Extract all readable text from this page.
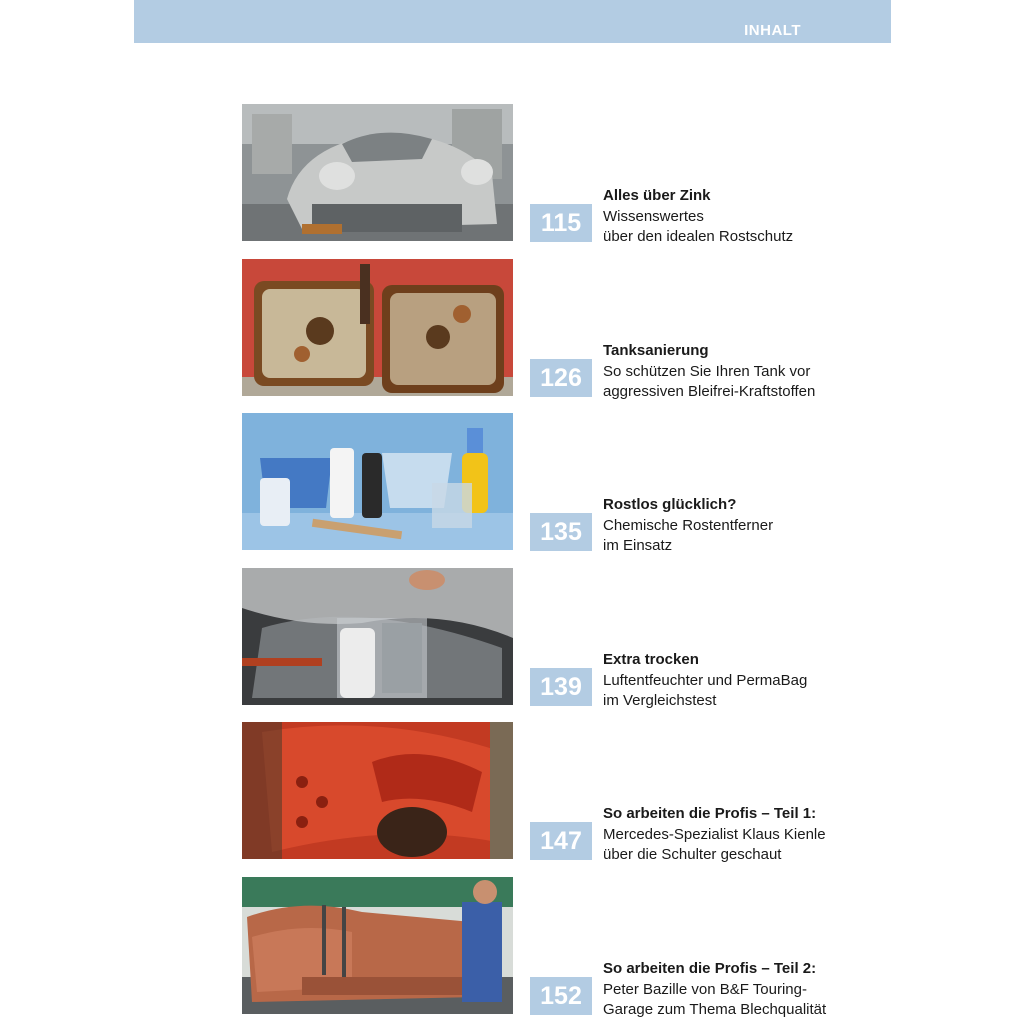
INHALT
115
Alles über Zink
Wissenswertes
über den idealen Rostschutz
126
Tanksanierung
So schützen Sie Ihren Tank vor
aggressiven Bleifrei-Kraftstoffen
135
Rostlos glücklich?
Chemische Rostentferner
im Einsatz
139
Extra trocken
Luftentfeuchter und PermaBag
im Vergleichstest
147
So arbeiten die Profis – Teil 1:
Mercedes-Spezialist Klaus Kienle
über die Schulter geschaut
152
So arbeiten die Profis – Teil 2:
Peter Bazille von B&F Touring-
Garage zum Thema Blechqualität
